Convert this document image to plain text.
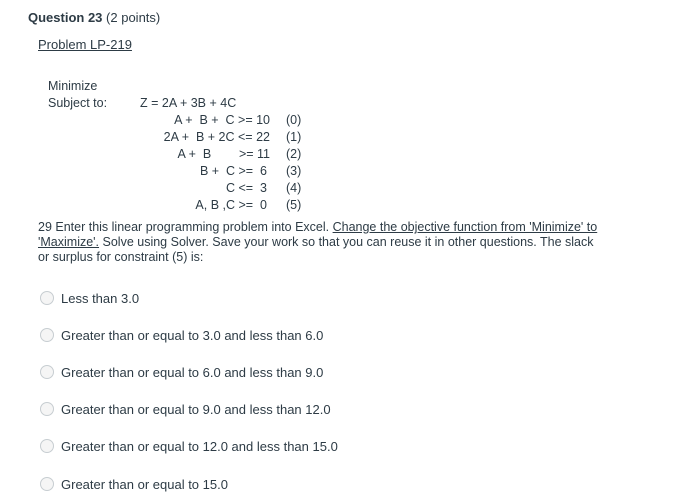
Question 23 (2 points)
Problem LP-219
Minimize
Subject to:

	Z = 2A + 3B + 4C

(0)

A +  B +  C >= 10

(1)

2A +  B + 2C <= 22

(2)

A +  B        >= 11

(3)

B +  C >=  6

(4)

C <=  3

(5)

A, B ,C >=  0

29 Enter this linear programming problem into Excel. Change the objective function from 'Minimize' to 'Maximize'. Solve using Solver. Save your work so that you can reuse it in other questions. The slack or surplus for constraint (5) is:
Less than 3.0
Greater than or equal to 3.0 and less than 6.0
Greater than or equal to 6.0 and less than 9.0
Greater than or equal to 9.0 and less than 12.0
Greater than or equal to 12.0 and less than 15.0
Greater than or equal to 15.0
